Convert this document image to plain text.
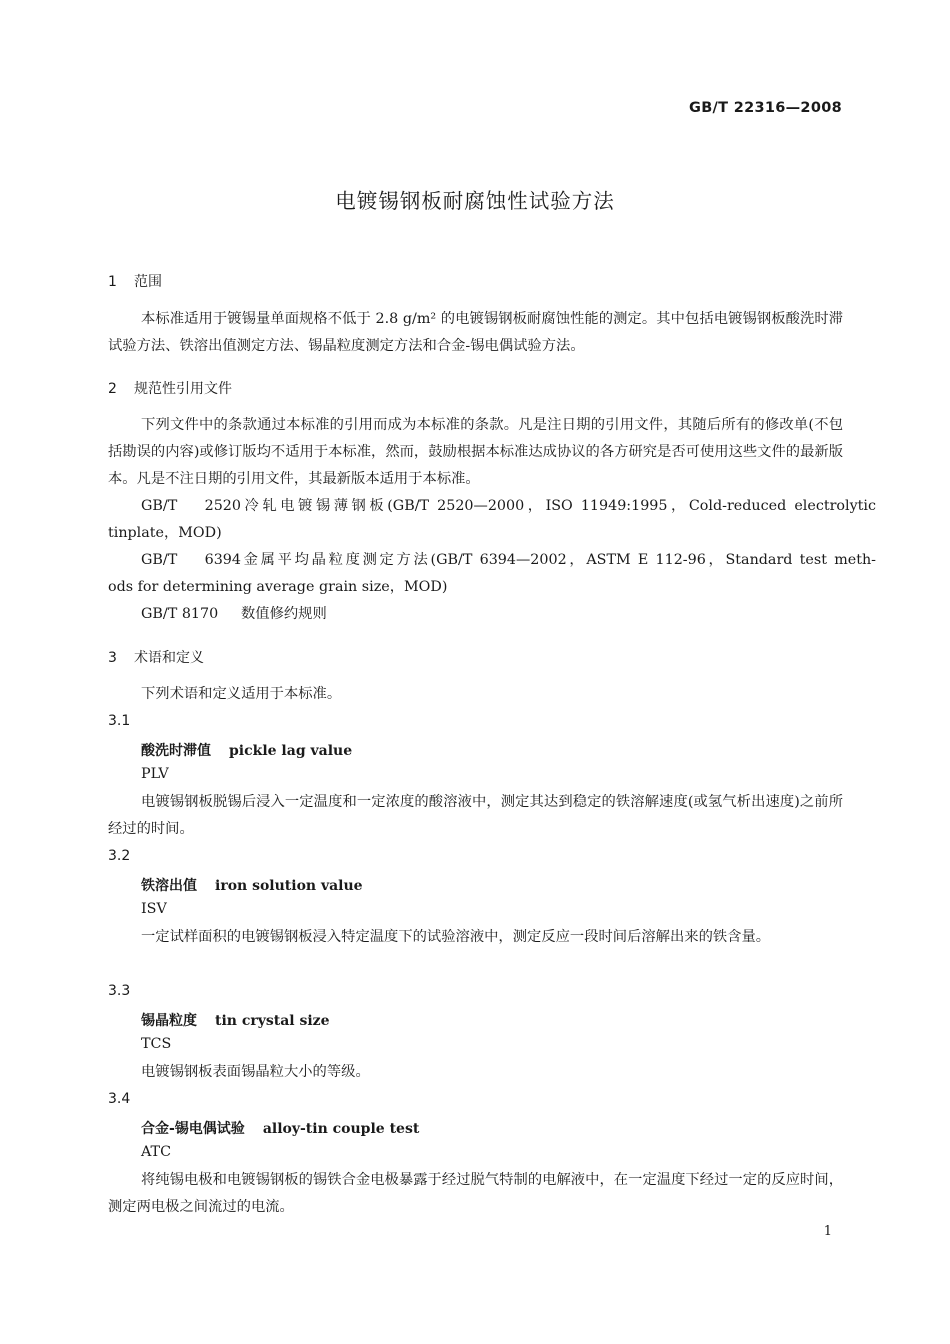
GB/T 22316—2008
电镀锡钢板耐腐蚀性试验方法
1 范围
本标准适用于镀锡量单面规格不低于 2.8 g/m² 的电镀锡钢板耐腐蚀性能的测定。其中包括电镀锡钢板酸洗时滞试验方法、铁溶出值测定方法、锡晶粒度测定方法和合金-锡电偶试验方法。
2 规范性引用文件
下列文件中的条款通过本标准的引用而成为本标准的条款。凡是注日期的引用文件，其随后所有的修改单(不包括勘误的内容)或修订版均不适用于本标准，然而，鼓励根据本标准达成协议的各方研究是否可使用这些文件的最新版本。凡是不注日期的引用文件，其最新版本适用于本标准。
GB/T 2520冷轧电镀锡薄钢板(GB/T 2520—2000，ISO 11949:1995，Cold-reduced electrolytic
tinplate，MOD)
GB/T 6394金属平均晶粒度测定方法(GB/T 6394—2002，ASTM E 112-96，Standard test meth-
ods for determining average grain size，MOD)
GB/T 8170 数值修约规则
3 术语和定义
下列术语和定义适用于本标准。
3.1
酸洗时滞值 pickle lag value
PLV
电镀锡钢板脱锡后浸入一定温度和一定浓度的酸溶液中，测定其达到稳定的铁溶解速度(或氢气析出速度)之前所经过的时间。
3.2
铁溶出值 iron solution value
ISV
一定试样面积的电镀锡钢板浸入特定温度下的试验溶液中，测定反应一段时间后溶解出来的铁含量。
3.3
锡晶粒度 tin crystal size
TCS
电镀锡钢板表面锡晶粒大小的等级。
3.4
合金-锡电偶试验 alloy-tin couple test
ATC
将纯锡电极和电镀锡钢板的锡铁合金电极暴露于经过脱气特制的电解液中，在一定温度下经过一定的反应时间，测定两电极之间流过的电流。
1
